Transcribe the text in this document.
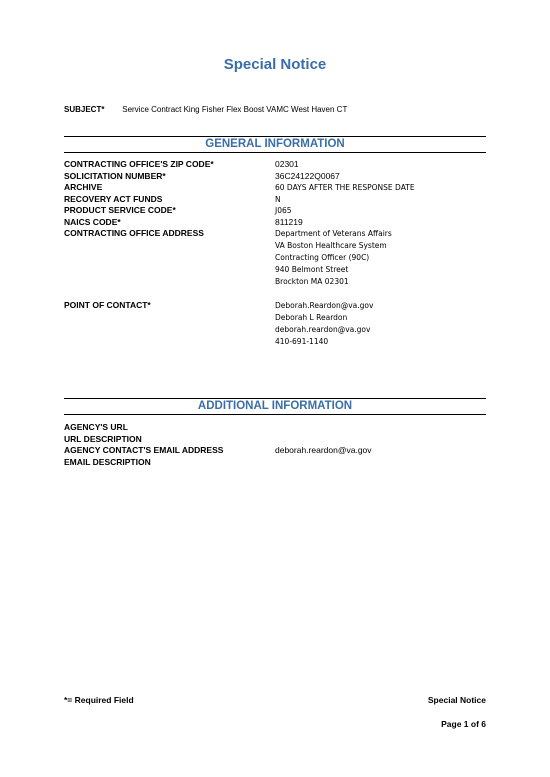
Special Notice
SUBJECT* Service Contract King Fisher Flex Boost VAMC West Haven CT
GENERAL INFORMATION
CONTRACTING OFFICE'S ZIP CODE*	02301
SOLICITATION NUMBER*	36C24122Q0067
ARCHIVE	60 DAYS AFTER THE RESPONSE DATE
RECOVERY ACT FUNDS	N
PRODUCT SERVICE CODE*	J065
NAICS CODE*	811219
CONTRACTING OFFICE ADDRESS	Department of Veterans Affairs
VA Boston Healthcare System
Contracting Officer (90C)
940 Belmont Street
Brockton MA 02301
POINT OF CONTACT*	Deborah.Reardon@va.gov
Deborah L Reardon
deborah.reardon@va.gov
410-691-1140
ADDITIONAL INFORMATION
AGENCY'S URL
URL DESCRIPTION
AGENCY CONTACT'S EMAIL ADDRESS	deborah.reardon@va.gov
EMAIL DESCRIPTION
*= Required Field	Special Notice
Page 1 of 6
